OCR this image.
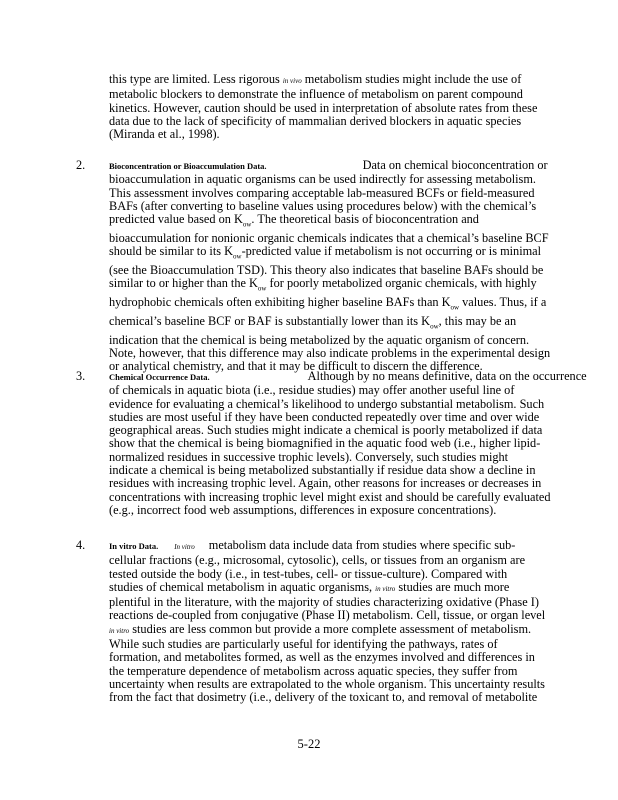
this type are limited. Less rigorous in vivo metabolism studies might include the use of
metabolic blockers to demonstrate the influence of metabolism on parent compound
kinetics. However, caution should be used in interpretation of absolute rates from these
data due to the lack of specificity of mammalian derived blockers in aquatic species
(Miranda et al., 1998).

2.	Bioconcentration or Bioaccumulation Data.	Data on chemical bioconcentration or
bioaccumulation in aquatic organisms can be used indirectly for assessing metabolism.
This assessment involves comparing acceptable lab-measured BCFs or field-measured
BAFs (after converting to baseline values using procedures below) with the chemical’s
predicted value based on $K_{ow}$. The theoretical basis of bioconcentration and
bioaccumulation for nonionic organic chemicals indicates that a chemical’s baseline BCF
should be similar to its $K_{ow}$-predicted value if metabolism is not occurring or is minimal
(see the Bioaccumulation TSD). This theory also indicates that baseline BAFs should be
similar to or higher than the $K_{ow}$ for poorly metabolized organic chemicals, with highly
hydrophobic chemicals often exhibiting higher baseline BAFs than $K_{ow}$ values. Thus, if a
chemical’s baseline BCF or BAF is substantially lower than its $K_{ow}$, this may be an
indication that the chemical is being metabolized by the aquatic organism of concern.
Note, however, that this difference may also indicate problems in the experimental design
or analytical chemistry, and that it may be difficult to discern the difference.

3.	Chemical Occurrence Data.	Although by no means definitive, data on the occurrence
of chemicals in aquatic biota (i.e., residue studies) may offer another useful line of
evidence for evaluating a chemical’s likelihood to undergo substantial metabolism. Such
studies are most useful if they have been conducted repeatedly over time and over wide
geographical areas. Such studies might indicate a chemical is poorly metabolized if data
show that the chemical is being biomagnified in the aquatic food web (i.e., higher lipid-
normalized residues in successive trophic levels). Conversely, such studies might
indicate a chemical is being metabolized substantially if residue data show a decline in
residues with increasing trophic level. Again, other reasons for increases or decreases in
concentrations with increasing trophic level might exist and should be carefully evaluated
(e.g., incorrect food web assumptions, differences in exposure concentrations).

4.	In vitro Data. In vitro metabolism data include data from studies where specific sub-
cellular fractions (e.g., microsomal, cytosolic), cells, or tissues from an organism are
tested outside the body (i.e., in test-tubes, cell- or tissue-culture). Compared with
studies of chemical metabolism in aquatic organisms, in vitro studies are much more
plentiful in the literature, with the majority of studies characterizing oxidative (Phase I)
reactions de-coupled from conjugative (Phase II) metabolism. Cell, tissue, or organ level
in vitro studies are less common but provide a more complete assessment of metabolism.
While such studies are particularly useful for identifying the pathways, rates of
formation, and metabolites formed, as well as the enzymes involved and differences in
the temperature dependence of metabolism across aquatic species, they suffer from
uncertainty when results are extrapolated to the whole organism. This uncertainty results
from the fact that dosimetry (i.e., delivery of the toxicant to, and removal of metabolite
5-22
